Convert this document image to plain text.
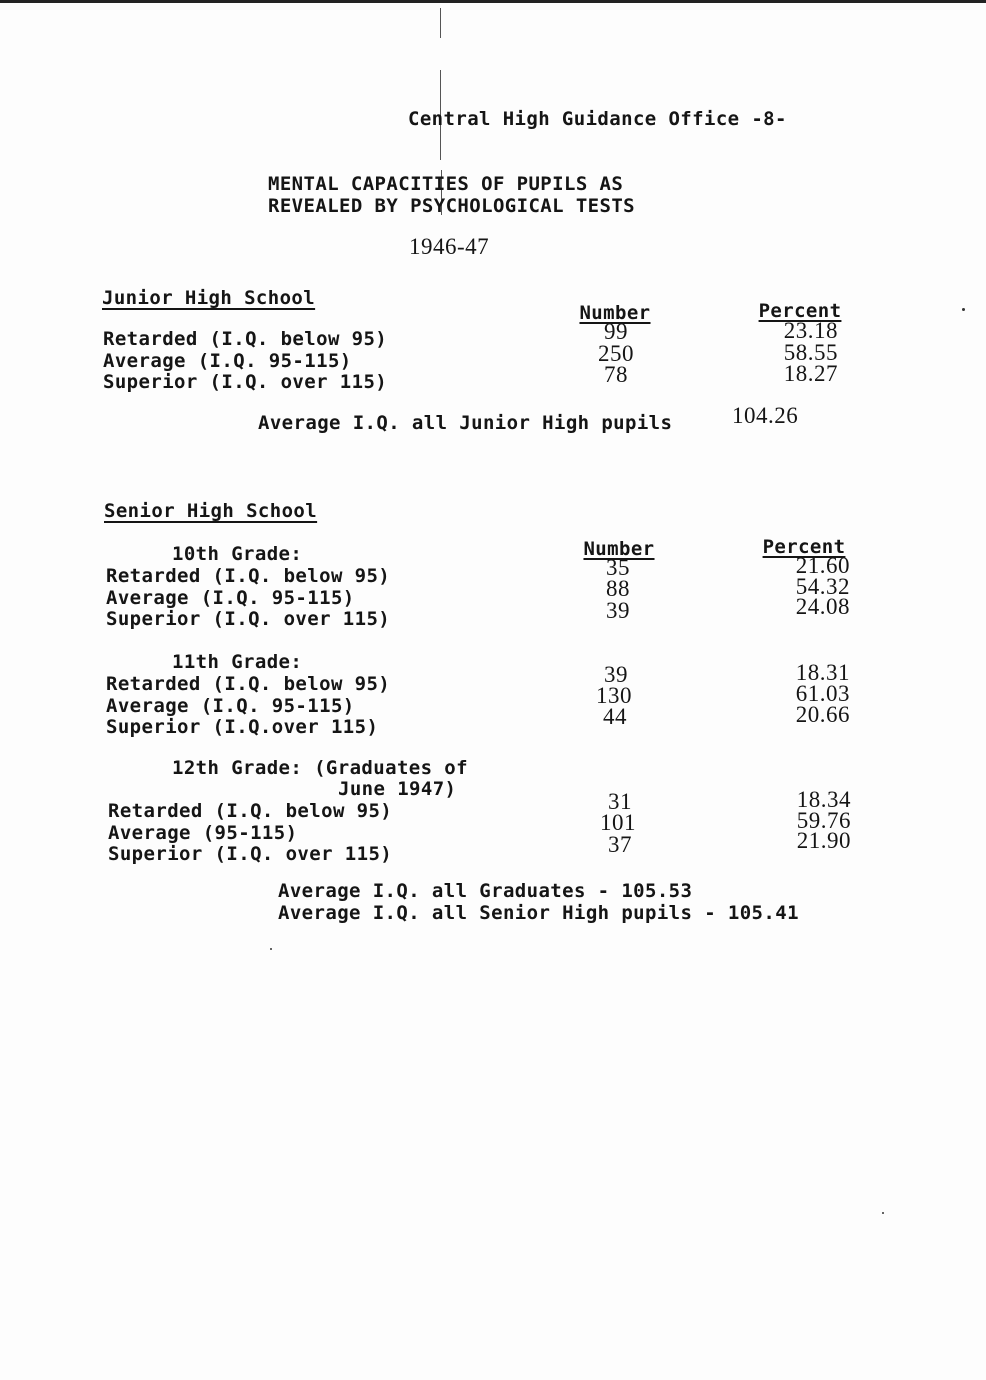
Central High Guidance Office -8-
MENTAL CAPACITIES OF PUPILS AS
REVEALED BY PSYCHOLOGICAL TESTS
1946-47
Junior High School
Number	Percent
Retarded (I.Q. below 95)	99	23.18
Average (I.Q. 95-115)	250	58.55
Superior (I.Q. over 115)	78	18.27
Average I.Q. all Junior High pupils	104.26
Senior High School
Number	Percent
10th Grade:
Retarded (I.Q. below 95)	35	21.60
Average (I.Q. 95-115)	88	54.32
Superior (I.Q. over 115)	39	24.08
11th Grade:
Retarded (I.Q. below 95)	39	18.31
Average (I.Q. 95-115)	130	61.03
Superior (I.Q.over 115)	44	20.66
12th Grade: (Graduates of
June 1947)
Retarded (I.Q. below 95)	31	18.34
Average (95-115)	101	59.76
Superior (I.Q. over 115)	37	21.90
Average I.Q. all Graduates - 105.53
Average I.Q. all Senior High pupils - 105.41
